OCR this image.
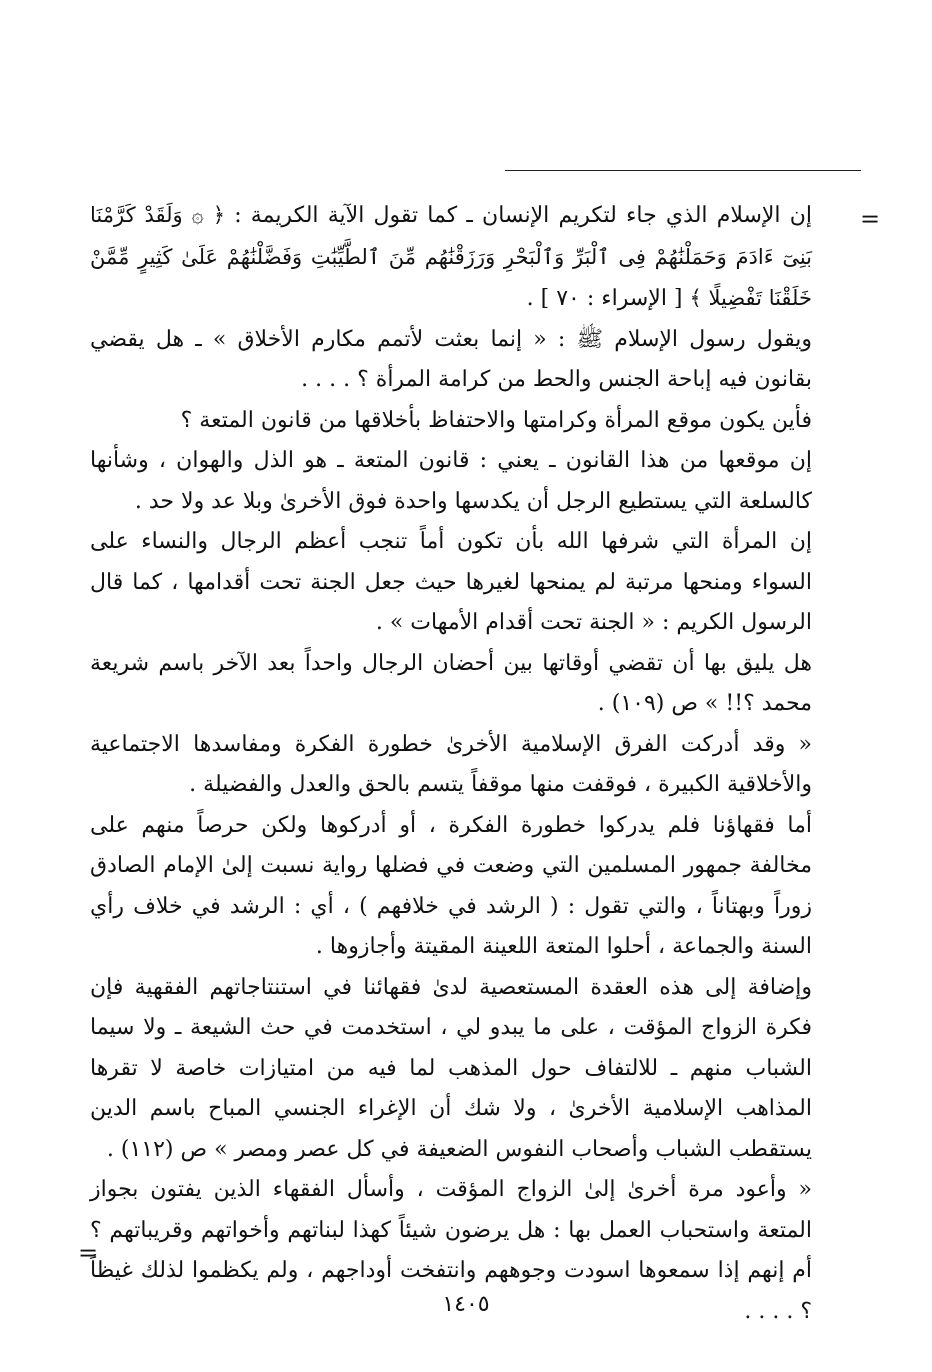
=

إن الإسلام الذي جاء لتكريم الإنسان ـ كما تقول الآية الكريمة : ﴿ ۞ وَلَقَدْ كَرَّمْنَا بَنِىٓ ءَادَمَ وَحَمَلْنَٰهُمْ فِى ٱلْبَرِّ وَٱلْبَحْرِ وَرَزَقْنَٰهُم مِّنَ ٱلطَّيِّبَٰتِ وَفَضَّلْنَٰهُمْ عَلَىٰ كَثِيرٍ مِّمَّنْ خَلَقْنَا تَفْضِيلًا ﴾ [ الإسراء : ٧٠ ] .

ويقول رسول الإسلام ﷺ : « إنما بعثت لأتمم مكارم الأخلاق » ـ هل يقضي بقانون فيه إباحة الجنس والحط من كرامة المرأة ؟ . . . .

فأين يكون موقع المرأة وكرامتها والاحتفاظ بأخلاقها من قانون المتعة ؟

إن موقعها من هذا القانون ـ يعني : قانون المتعة ـ هو الذل والهوان ، وشأنها كالسلعة التي يستطيع الرجل أن يكدسها واحدة فوق الأخرىٰ وبلا عد ولا حد .

إن المرأة التي شرفها الله بأن تكون أماً تنجب أعظم الرجال والنساء على السواء ومنحها مرتبة لم يمنحها لغيرها حيث جعل الجنة تحت أقدامها ، كما قال الرسول الكريم : « الجنة تحت أقدام الأمهات » .

هل يليق بها أن تقضي أوقاتها بين أحضان الرجال واحداً بعد الآخر باسم شريعة محمد ؟!! » ص (١٠٩) .

« وقد أدركت الفرق الإسلامية الأخرىٰ خطورة الفكرة ومفاسدها الاجتماعية والأخلاقية الكبيرة ، فوقفت منها موقفاً يتسم بالحق والعدل والفضيلة .

أما فقهاؤنا فلم يدركوا خطورة الفكرة ، أو أدركوها ولكن حرصاً منهم على مخالفة جمهور المسلمين التي وضعت في فضلها رواية نسبت إلىٰ الإمام الصادق زوراً وبهتاناً ، والتي تقول : ( الرشد في خلافهم ) ، أي : الرشد في خلاف رأي السنة والجماعة ، أحلوا المتعة اللعينة المقيتة وأجازوها .

وإضافة إلى هذه العقدة المستعصية لدىٰ فقهائنا في استنتاجاتهم الفقهية فإن فكرة الزواج المؤقت ، على ما يبدو لي ، استخدمت في حث الشيعة ـ ولا سيما الشباب منهم ـ للالتفاف حول المذهب لما فيه من امتيازات خاصة لا تقرها المذاهب الإسلامية الأخرىٰ ، ولا شك أن الإغراء الجنسي المباح باسم الدين يستقطب الشباب وأصحاب النفوس الضعيفة في كل عصر ومصر » ص (١١٢) .

« وأعود مرة أخرىٰ إلىٰ الزواج المؤقت ، وأسأل الفقهاء الذين يفتون بجواز المتعة واستحباب العمل بها : هل يرضون شيئاً كهذا لبناتهم وأخواتهم وقريباتهم ؟ أم إنهم إذا سمعوها اسودت وجوههم وانتفخت أوداجهم ، ولم يكظموا لذلك غيظاً ؟ . . . .

=
١٤٠٥
